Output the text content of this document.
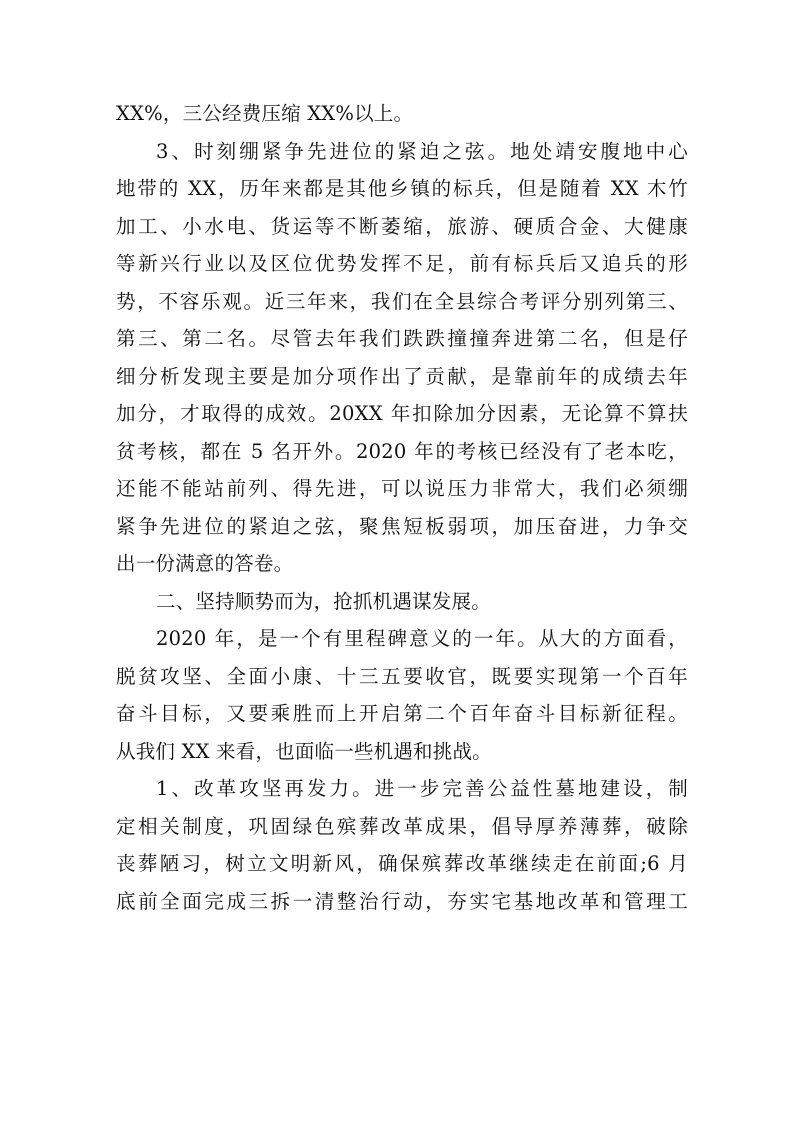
XX%，三公经费压缩 XX%以上。
3、时刻绷紧争先进位的紧迫之弦。地处靖安腹地中心
地带的 XX，历年来都是其他乡镇的标兵，但是随着 XX 木竹
加工、小水电、货运等不断萎缩，旅游、硬质合金、大健康
等新兴行业以及区位优势发挥不足，前有标兵后又追兵的形
势，不容乐观。近三年来，我们在全县综合考评分别列第三、
第三、第二名。尽管去年我们跌跌撞撞奔进第二名，但是仔
细分析发现主要是加分项作出了贡献，是靠前年的成绩去年
加分，才取得的成效。20XX 年扣除加分因素，无论算不算扶
贫考核，都在 5 名开外。2020 年的考核已经没有了老本吃，
还能不能站前列、得先进，可以说压力非常大，我们必须绷
紧争先进位的紧迫之弦，聚焦短板弱项，加压奋进，力争交
出一份满意的答卷。
二、坚持顺势而为，抢抓机遇谋发展。
2020 年，是一个有里程碑意义的一年。从大的方面看，
脱贫攻坚、全面小康、十三五要收官，既要实现第一个百年
奋斗目标，又要乘胜而上开启第二个百年奋斗目标新征程。
从我们 XX 来看，也面临一些机遇和挑战。
1、改革攻坚再发力。进一步完善公益性墓地建设，制
定相关制度，巩固绿色殡葬改革成果，倡导厚养薄葬，破除
丧葬陋习，树立文明新风，确保殡葬改革继续走在前面;6 月
底前全面完成三拆一清整治行动，夯实宅基地改革和管理工
